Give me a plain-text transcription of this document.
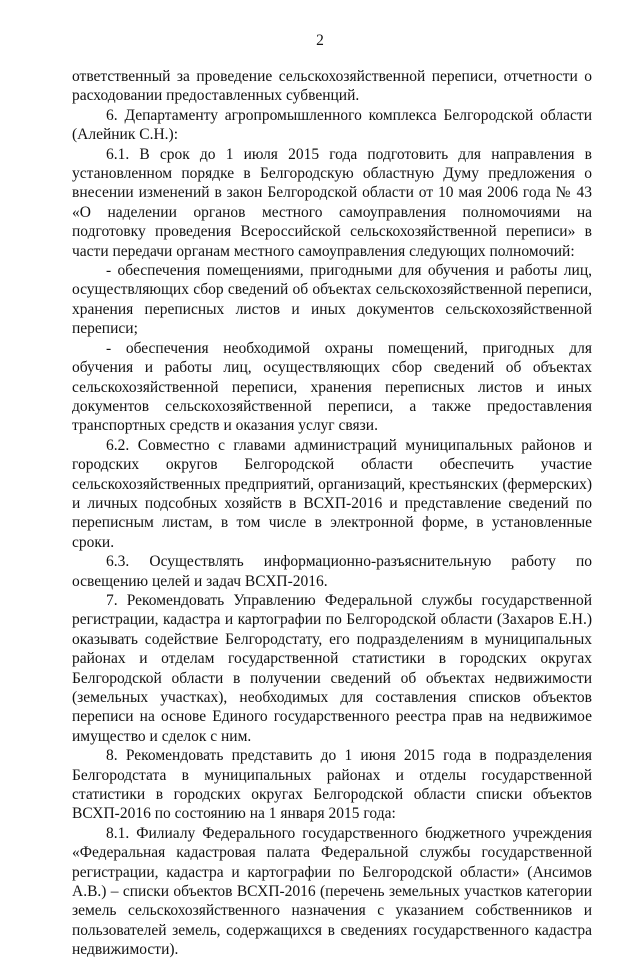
2

ответственный за проведение сельскохозяйственной переписи, отчетности о расходовании предоставленных субвенций.

6. Департаменту агропромышленного комплекса Белгородской области (Алейник С.Н.):

6.1. В срок до 1 июля 2015 года подготовить для направления в установленном порядке в Белгородскую областную Думу предложения о внесении изменений в закон Белгородской области от 10 мая 2006 года № 43 «О наделении органов местного самоуправления полномочиями на подготовку проведения Всероссийской сельскохозяйственной переписи» в части передачи органам местного самоуправления следующих полномочий:

- обеспечения помещениями, пригодными для обучения и работы лиц, осуществляющих сбор сведений об объектах сельскохозяйственной переписи, хранения переписных листов и иных документов сельскохозяйственной переписи;

- обеспечения необходимой охраны помещений, пригодных для обучения и работы лиц, осуществляющих сбор сведений об объектах сельскохозяйственной переписи, хранения переписных листов и иных документов сельскохозяйственной переписи, а также предоставления транспортных средств и оказания услуг связи.

6.2. Совместно с главами администраций муниципальных районов и городских округов Белгородской области обеспечить участие сельскохозяйственных предприятий, организаций, крестьянских (фермерских) и личных подсобных хозяйств в ВСХП-2016 и представление сведений по переписным листам, в том числе в электронной форме, в установленные сроки.

6.3. Осуществлять информационно-разъяснительную работу по освещению целей и задач ВСХП-2016.

7. Рекомендовать Управлению Федеральной службы государственной регистрации, кадастра и картографии по Белгородской области (Захаров Е.Н.) оказывать содействие Белгородстату, его подразделениям в муниципальных районах и отделам государственной статистики в городских округах Белгородской области в получении сведений об объектах недвижимости (земельных участках), необходимых для составления списков объектов переписи на основе Единого государственного реестра прав на недвижимое имущество и сделок с ним.

8. Рекомендовать представить до 1 июня 2015 года в подразделения Белгородстата в муниципальных районах и отделы государственной статистики в городских округах Белгородской области списки объектов ВСХП-2016 по состоянию на 1 января 2015 года:

8.1. Филиалу Федерального государственного бюджетного учреждения «Федеральная кадастровая палата Федеральной службы государственной регистрации, кадастра и картографии по Белгородской области» (Ансимов А.В.) – списки объектов ВСХП-2016 (перечень земельных участков категории земель сельскохозяйственного назначения с указанием собственников и пользователей земель, содержащихся в сведениях государственного кадастра недвижимости).
